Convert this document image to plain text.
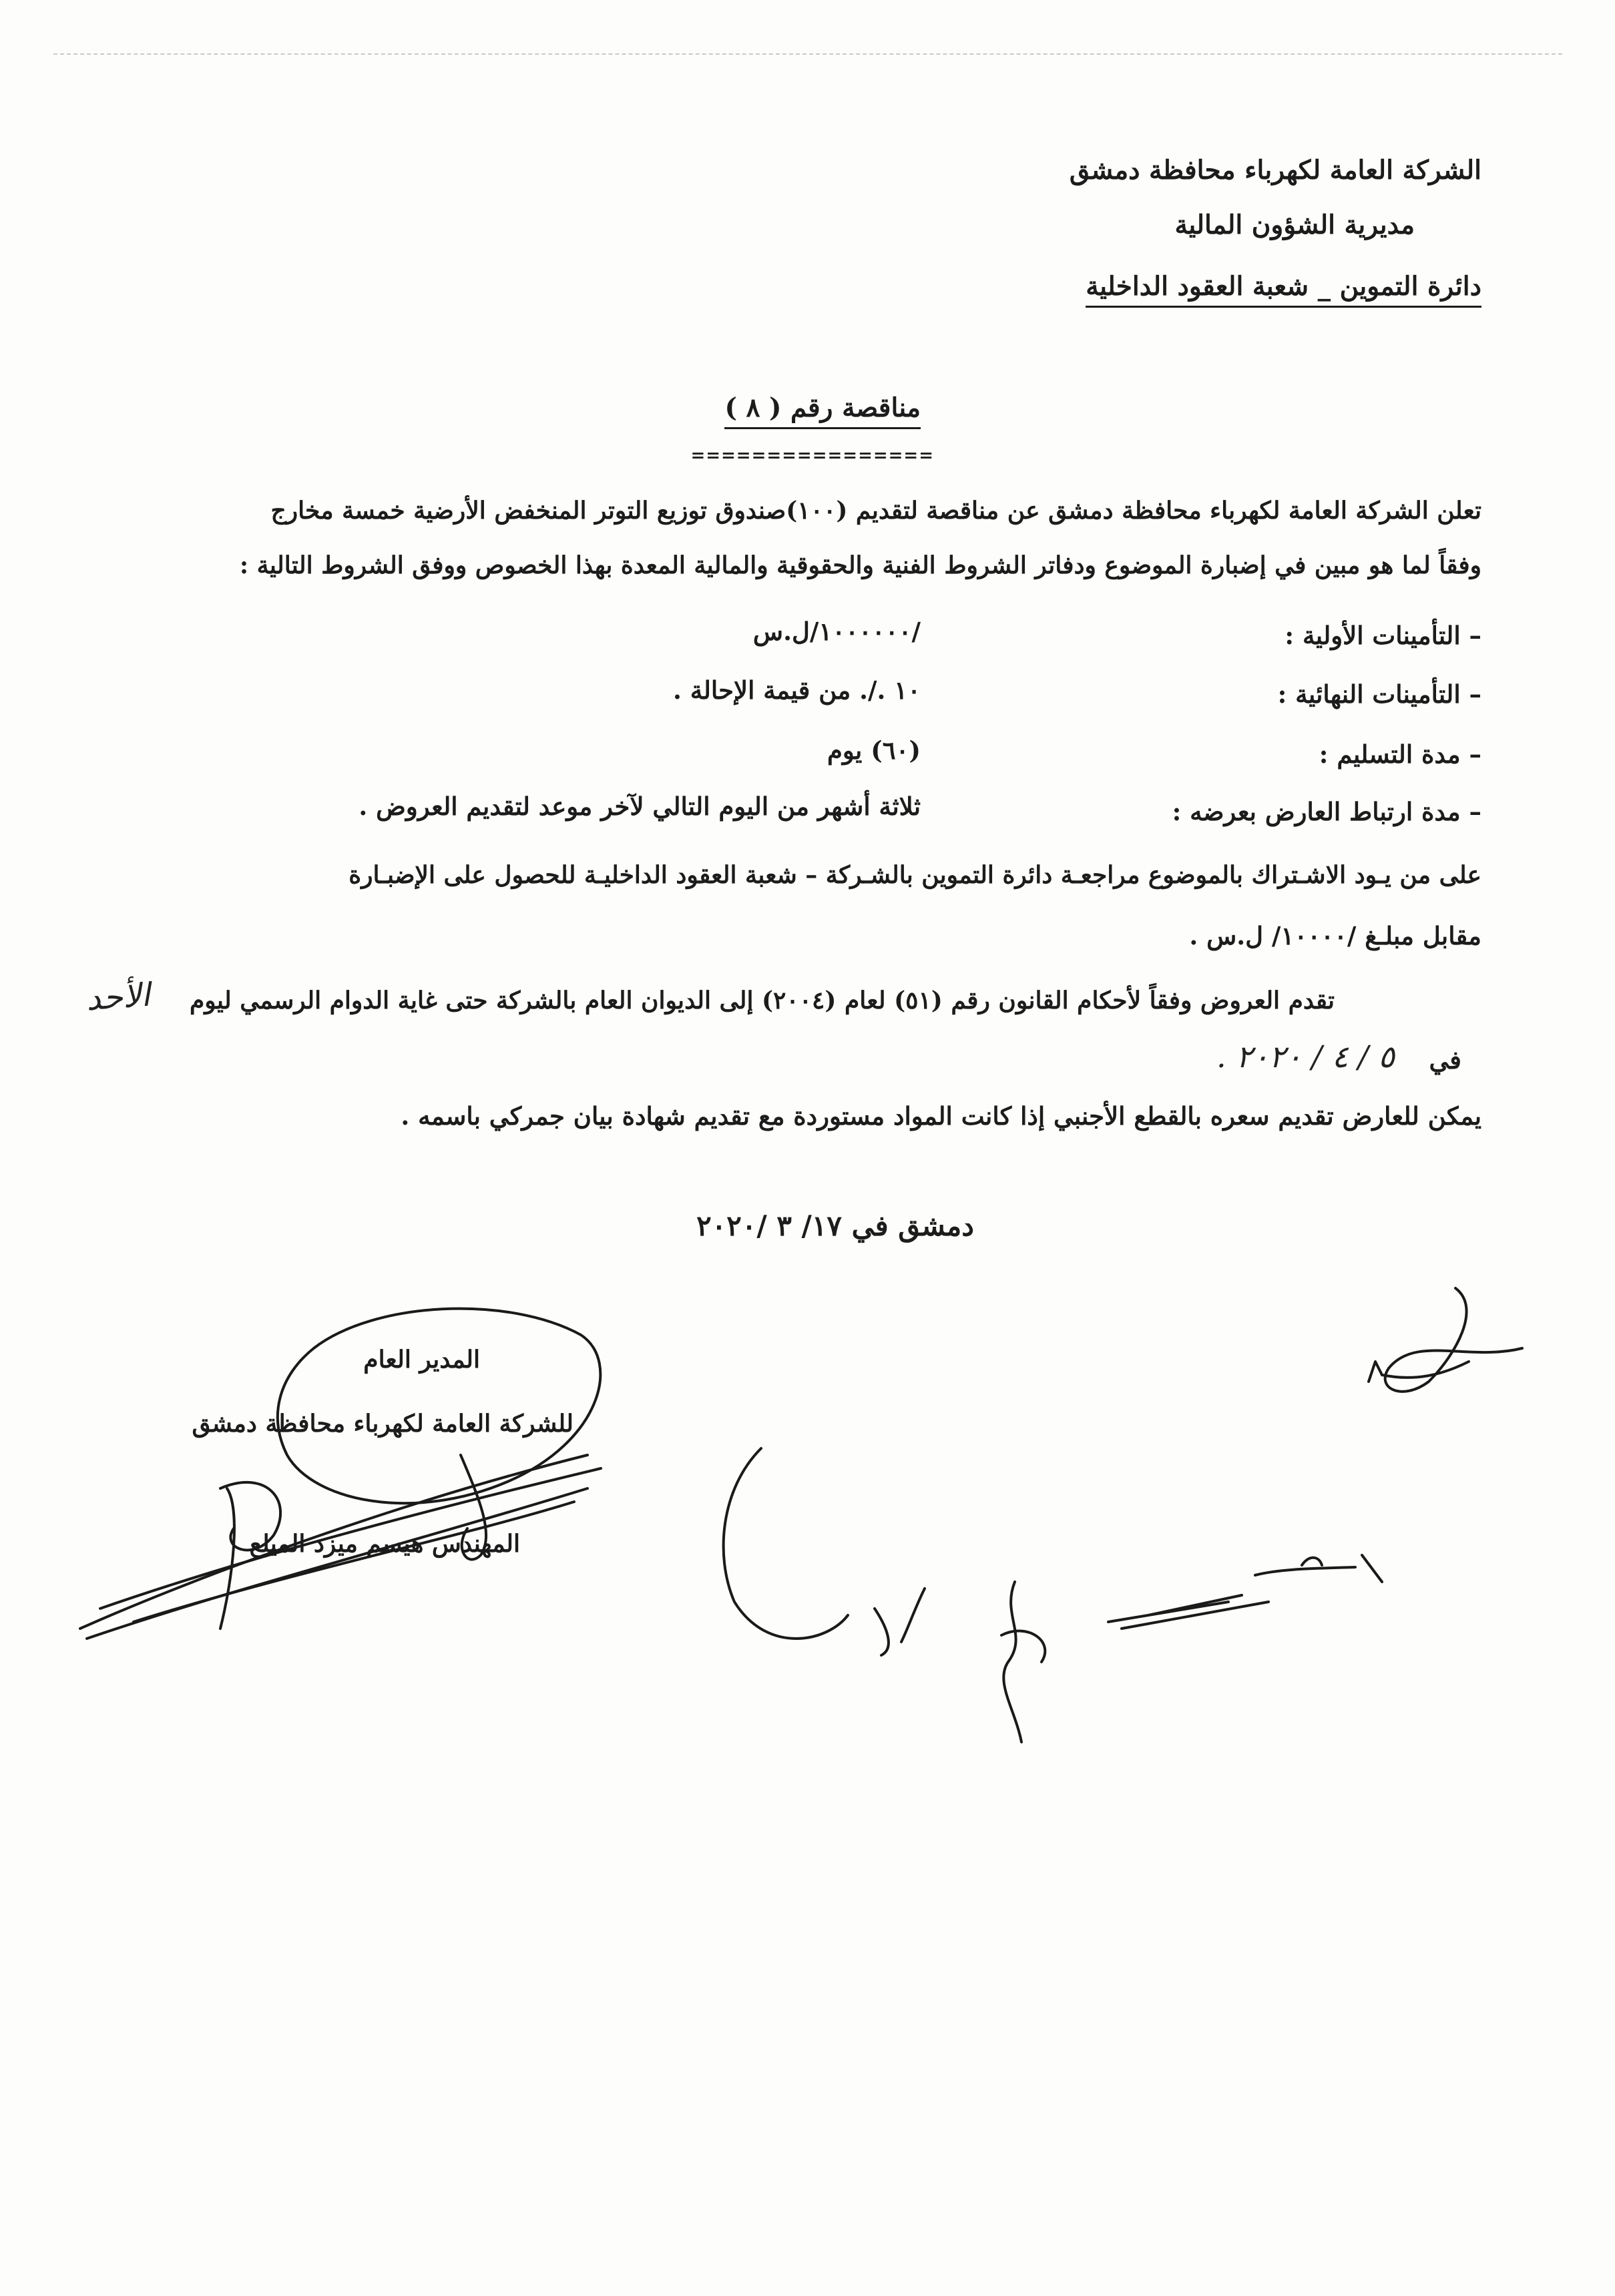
الشركة العامة لكهرباء محافظة دمشق

مديرية الشؤون المالية

دائرة التموين _ شعبة العقود الداخلية

مناقصة رقم ( ٨ )

================

تعلن الشركة العامة لكهرباء محافظة دمشق عن مناقصة لتقديم (١٠٠)صندوق توزيع التوتر المنخفض الأرضية خمسة مخارج

وفقاً لما هو مبين في إضبارة الموضوع ودفاتر الشروط الفنية والحقوقية والمالية المعدة بهذا الخصوص ووفق الشروط التالية :

– التأمينات الأولية :

/١٠٠٠٠٠٠/ل.س

– التأمينات النهائية :

١٠ ./. من قيمة الإحالة .

– مدة التسليم :

(٦٠) يوم

– مدة ارتباط العارض بعرضه :

ثلاثة أشهر من اليوم التالي لآخر موعد لتقديم العروض .

على من يـود الاشـتراك بالموضوع مراجعـة دائرة التموين بالشـركة – شعبة العقود الداخليـة للحصول على الإضبـارة

مقابل مبلـغ /١٠٠٠٠/ ل.س .

تقدم العروض وفقاً لأحكام القانون رقم (٥١) لعام (٢٠٠٤) إلى الديوان العام بالشركة حتى غاية الدوام الرسمي ليوم

الأحد

في

٥ / ٤ / ٢٠٢٠ .

يمكن للعارض تقديم سعره بالقطع الأجنبي إذا كانت المواد مستوردة مع تقديم شهادة بيان جمركي باسمه .

دمشق في ١٧/ ٣ /٢٠٢٠

المدير العام

للشركة العامة لكهرباء محافظة دمشق

المهندس هيسم ميزد الميلع
